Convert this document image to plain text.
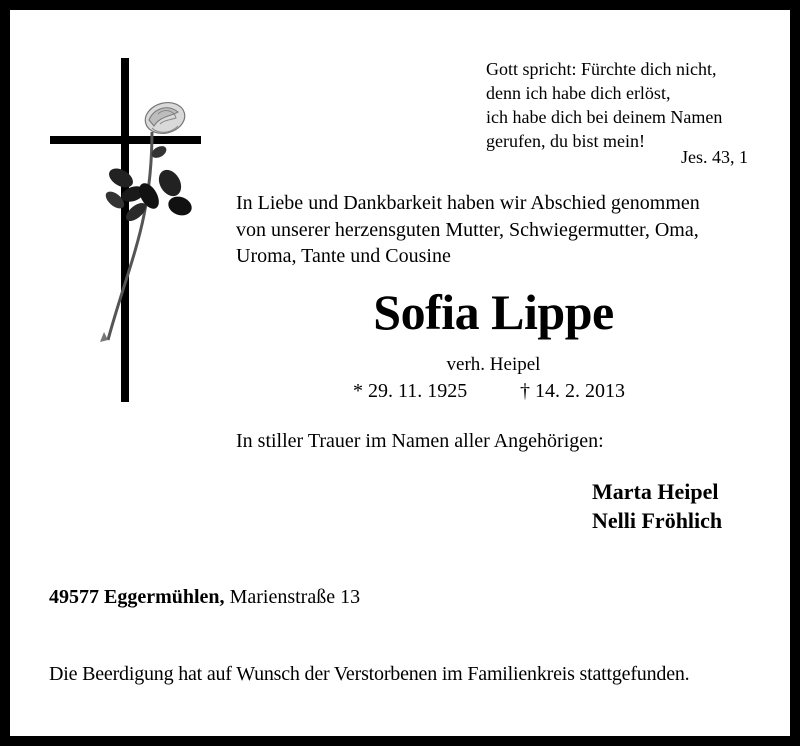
Gott spricht: Fürchte dich nicht,
denn ich habe dich erlöst,
ich habe dich bei deinem Namen
gerufen, du bist mein!
Jes. 43, 1
In Liebe und Dankbarkeit haben wir Abschied genommen
von unserer herzensguten Mutter, Schwiegermutter, Oma,
Uroma, Tante und Cousine
Sofia Lippe
verh. Heipel
* 29. 11. 1925	† 14. 2. 2013
In stiller Trauer im Namen aller Angehörigen:
Marta Heipel
Nelli Fröhlich
49577 Eggermühlen, Marienstraße 13
Die Beerdigung hat auf Wunsch der Verstorbenen im Familienkreis stattgefunden.
